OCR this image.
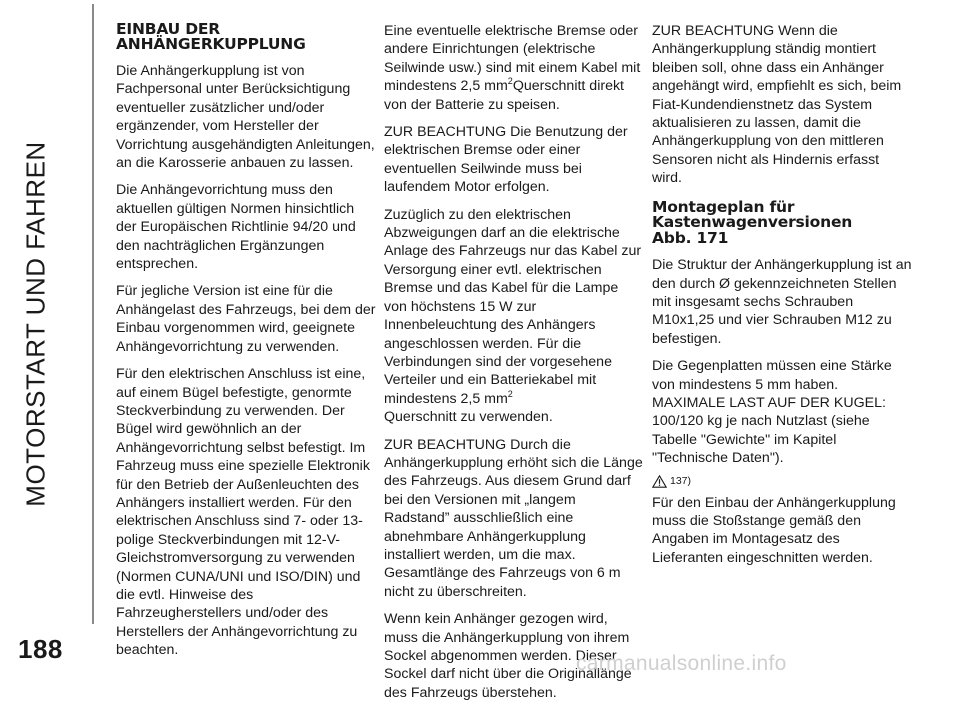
MOTORSTART UND FAHREN
188
EINBAU DER
ANHÄNGERKUPPLUNG

Die Anhängerkupplung ist von Fachpersonal unter Berücksichtigung eventueller zusätzlicher und/oder ergänzender, vom Hersteller der Vorrichtung ausgehändigten Anleitungen, an die Karosserie anbauen zu lassen.

Die Anhängevorrichtung muss den aktuellen gültigen Normen hinsichtlich der Europäischen Richtlinie 94/20 und den nachträglichen Ergänzungen entsprechen.

Für jegliche Version ist eine für die Anhängelast des Fahrzeugs, bei dem der Einbau vorgenommen wird, geeignete Anhängevorrichtung zu verwenden.

Für den elektrischen Anschluss ist eine, auf einem Bügel befestigte, genormte Steckverbindung zu verwenden. Der Bügel wird gewöhnlich an der Anhängevorrichtung selbst befestigt. Im Fahrzeug muss eine spezielle Elektronik für den Betrieb der Außenleuchten des Anhängers installiert werden. Für den elektrischen Anschluss sind 7- oder 13-polige Steckverbindungen mit 12-V-Gleichstromversorgung zu verwenden (Normen CUNA/UNI und ISO/DIN) und die evtl. Hinweise des Fahrzeugherstellers und/oder des Herstellers der Anhängevorrichtung zu beachten.

Eine eventuelle elektrische Bremse oder andere Einrichtungen (elektrische Seilwinde usw.) sind mit einem Kabel mit mindestens 2,5 $mm^2Querschnitt$ direkt von der Batterie zu speisen.

ZUR BEACHTUNG Die Benutzung der elektrischen Bremse oder einer eventuellen Seilwinde muss bei laufendem Motor erfolgen.

Zuzüglich zu den elektrischen Abzweigungen darf an die elektrische Anlage des Fahrzeugs nur das Kabel zur Versorgung einer evtl. elektrischen Bremse und das Kabel für die Lampe von höchstens 15 W zur Innenbeleuchtung des Anhängers angeschlossen werden. Für die Verbindungen sind der vorgesehene Verteiler und ein Batteriekabel mit mindestens 2,5 $mm^2$
Querschnitt zu verwenden.

ZUR BEACHTUNG Durch die Anhängerkupplung erhöht sich die Länge des Fahrzeugs. Aus diesem Grund darf bei den Versionen mit „langem Radstand” ausschließlich eine abnehmbare Anhängerkupplung installiert werden, um die max. Gesamtlänge des Fahrzeugs von 6 m nicht zu überschreiten.

Wenn kein Anhänger gezogen wird, muss die Anhängerkupplung von ihrem Sockel abgenommen werden. Dieser Sockel darf nicht über die Originallänge des Fahrzeugs überstehen.

ZUR BEACHTUNG Wenn die Anhängerkupplung ständig montiert bleiben soll, ohne dass ein Anhänger angehängt wird, empfiehlt es sich, beim Fiat-Kundendienstnetz das System aktualisieren zu lassen, damit die Anhängerkupplung von den mittleren Sensoren nicht als Hindernis erfasst wird.

Montageplan für
Kastenwagenversionen
Abb. 171

Die Struktur der Anhängerkupplung ist an den durch Ø gekennzeichneten Stellen mit insgesamt sechs Schrauben M10x1,25 und vier Schrauben M12 zu befestigen.

Die Gegenplatten müssen eine Stärke von mindestens 5 mm haben. MAXIMALE LAST AUF DER KUGEL: 100/120 kg je nach Nutzlast (siehe Tabelle "Gewichte" im Kapitel "Technische Daten").

137)

Für den Einbau der Anhängerkupplung muss die Stoßstange gemäß den Angaben im Montagesatz des Lieferanten eingeschnitten werden.

carmanualsonline.info
